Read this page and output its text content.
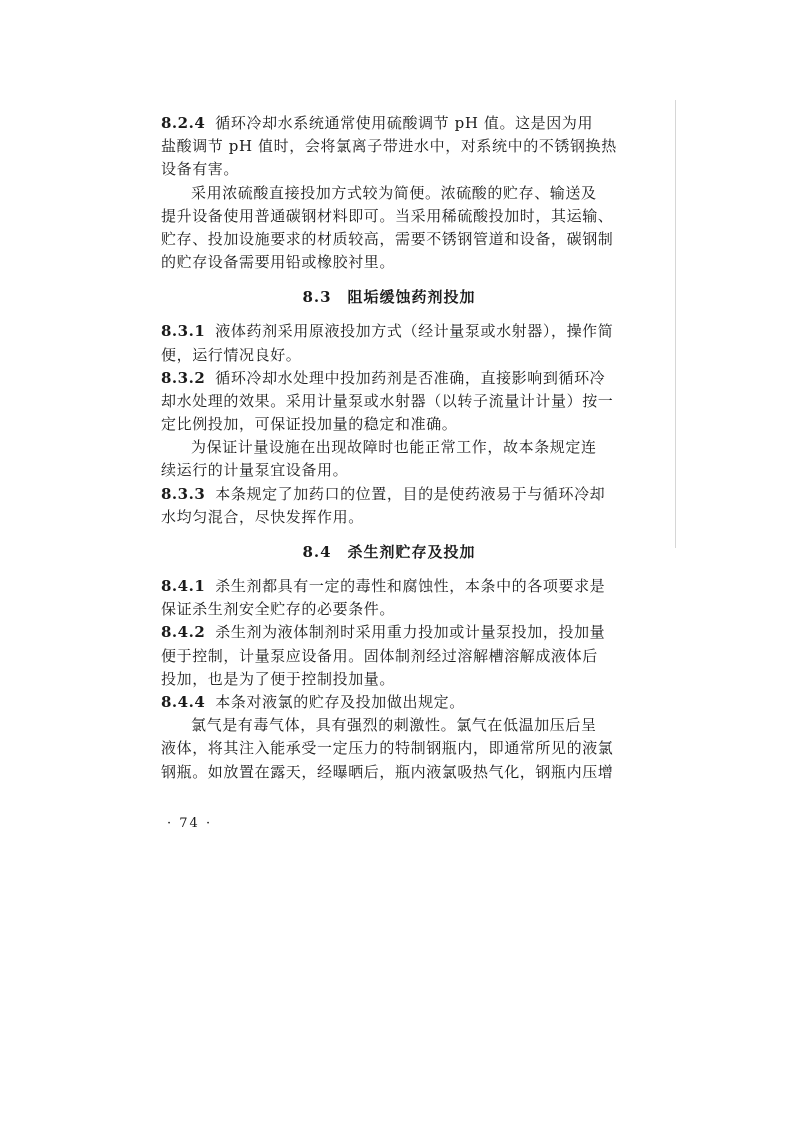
8.2.4 循环冷却水系统通常使用硫酸调节 pH 值。这是因为用
盐酸调节 pH 值时，会将氯离子带进水中，对系统中的不锈钢换热
设备有害。
采用浓硫酸直接投加方式较为简便。浓硫酸的贮存、输送及
提升设备使用普通碳钢材料即可。当采用稀硫酸投加时，其运输、
贮存、投加设施要求的材质较高，需要不锈钢管道和设备，碳钢制
的贮存设备需要用铅或橡胶衬里。
8.3 阻垢缓蚀药剂投加
8.3.1 液体药剂采用原液投加方式（经计量泵或水射器），操作简
便，运行情况良好。
8.3.2 循环冷却水处理中投加药剂是否准确，直接影响到循环冷
却水处理的效果。采用计量泵或水射器（以转子流量计计量）按一
定比例投加，可保证投加量的稳定和准确。
为保证计量设施在出现故障时也能正常工作，故本条规定连
续运行的计量泵宜设备用。
8.3.3 本条规定了加药口的位置，目的是使药液易于与循环冷却
水均匀混合，尽快发挥作用。
8.4 杀生剂贮存及投加
8.4.1 杀生剂都具有一定的毒性和腐蚀性，本条中的各项要求是
保证杀生剂安全贮存的必要条件。
8.4.2 杀生剂为液体制剂时采用重力投加或计量泵投加，投加量
便于控制，计量泵应设备用。固体制剂经过溶解槽溶解成液体后
投加，也是为了便于控制投加量。
8.4.4 本条对液氯的贮存及投加做出规定。
氯气是有毒气体，具有强烈的刺激性。氯气在低温加压后呈
液体，将其注入能承受一定压力的特制钢瓶内，即通常所见的液氯
钢瓶。如放置在露天，经曝晒后，瓶内液氯吸热气化，钢瓶内压增
· 74 ·
